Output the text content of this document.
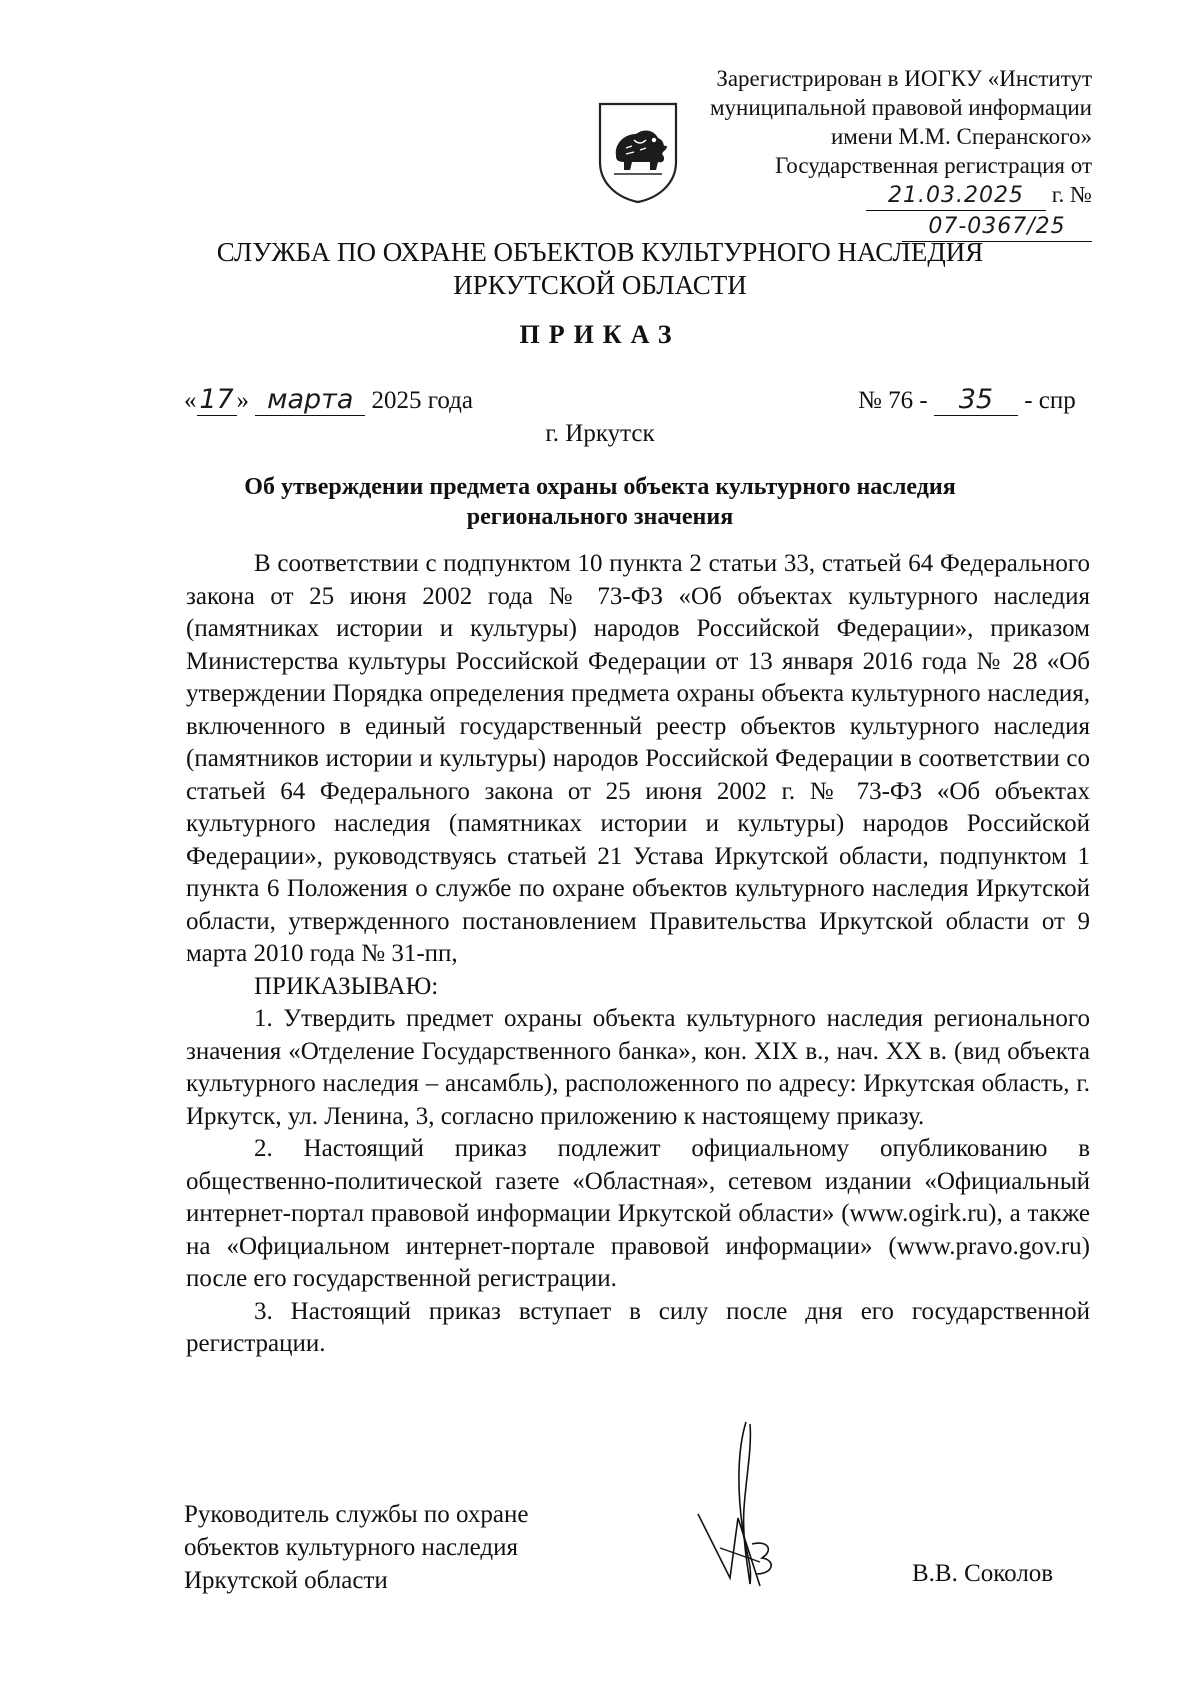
Зарегистрирован в ИОГКУ «Институт
муниципальной правовой информации
имени М.М. Сперанского»
Государственная регистрация от
21.03.2025 г. № 07-0367/25
СЛУЖБА ПО ОХРАНЕ ОБЪЕКТОВ КУЛЬТУРНОГО НАСЛЕДИЯ
ИРКУТСКОЙ ОБЛАСТИ
ПРИКАЗ
« 17 » марта 2025 года	№ 76 - 35 - спр
г. Иркутск
Об утверждении предмета охраны объекта культурного наследия
регионального значения

В соответствии с подпунктом 10 пункта 2 статьи 33, статьей 64 Федерального закона от 25 июня 2002 года № 73-ФЗ «Об объектах культурного наследия (памятниках истории и культуры) народов Российской Федерации», приказом Министерства культуры Российской Федерации от 13 января 2016 года № 28 «Об утверждении Порядка определения предмета охраны объекта культурного наследия, включенного в единый государственный реестр объектов культурного наследия (памятников истории и культуры) народов Российской Федерации в соответствии со статьей 64 Федерального закона от 25 июня 2002 г. № 73-ФЗ «Об объектах культурного наследия (памятниках истории и культуры) народов Российской Федерации», руководствуясь статьей 21 Устава Иркутской области, подпунктом 1 пункта 6 Положения о службе по охране объектов культурного наследия Иркутской области, утвержденного постановлением Правительства Иркутской области от 9 марта 2010 года № 31-пп,

ПРИКАЗЫВАЮ:

1. Утвердить предмет охраны объекта культурного наследия регионального значения «Отделение Государственного банка», кон. XIX в., нач. XX в. (вид объекта культурного наследия – ансамбль), расположенного по адресу: Иркутская область, г. Иркутск, ул. Ленина, 3, согласно приложению к настоящему приказу.

2. Настоящий приказ подлежит официальному опубликованию в общественно-политической газете «Областная», сетевом издании «Официальный интернет-портал правовой информации Иркутской области» (www.ogirk.ru), а также на «Официальном интернет-портале правовой информации» (www.pravo.gov.ru) после его государственной регистрации.

3. Настоящий приказ вступает в силу после дня его государственной регистрации.

Руководитель службы по охране
объектов культурного наследия
Иркутской области	В.В. Соколов
